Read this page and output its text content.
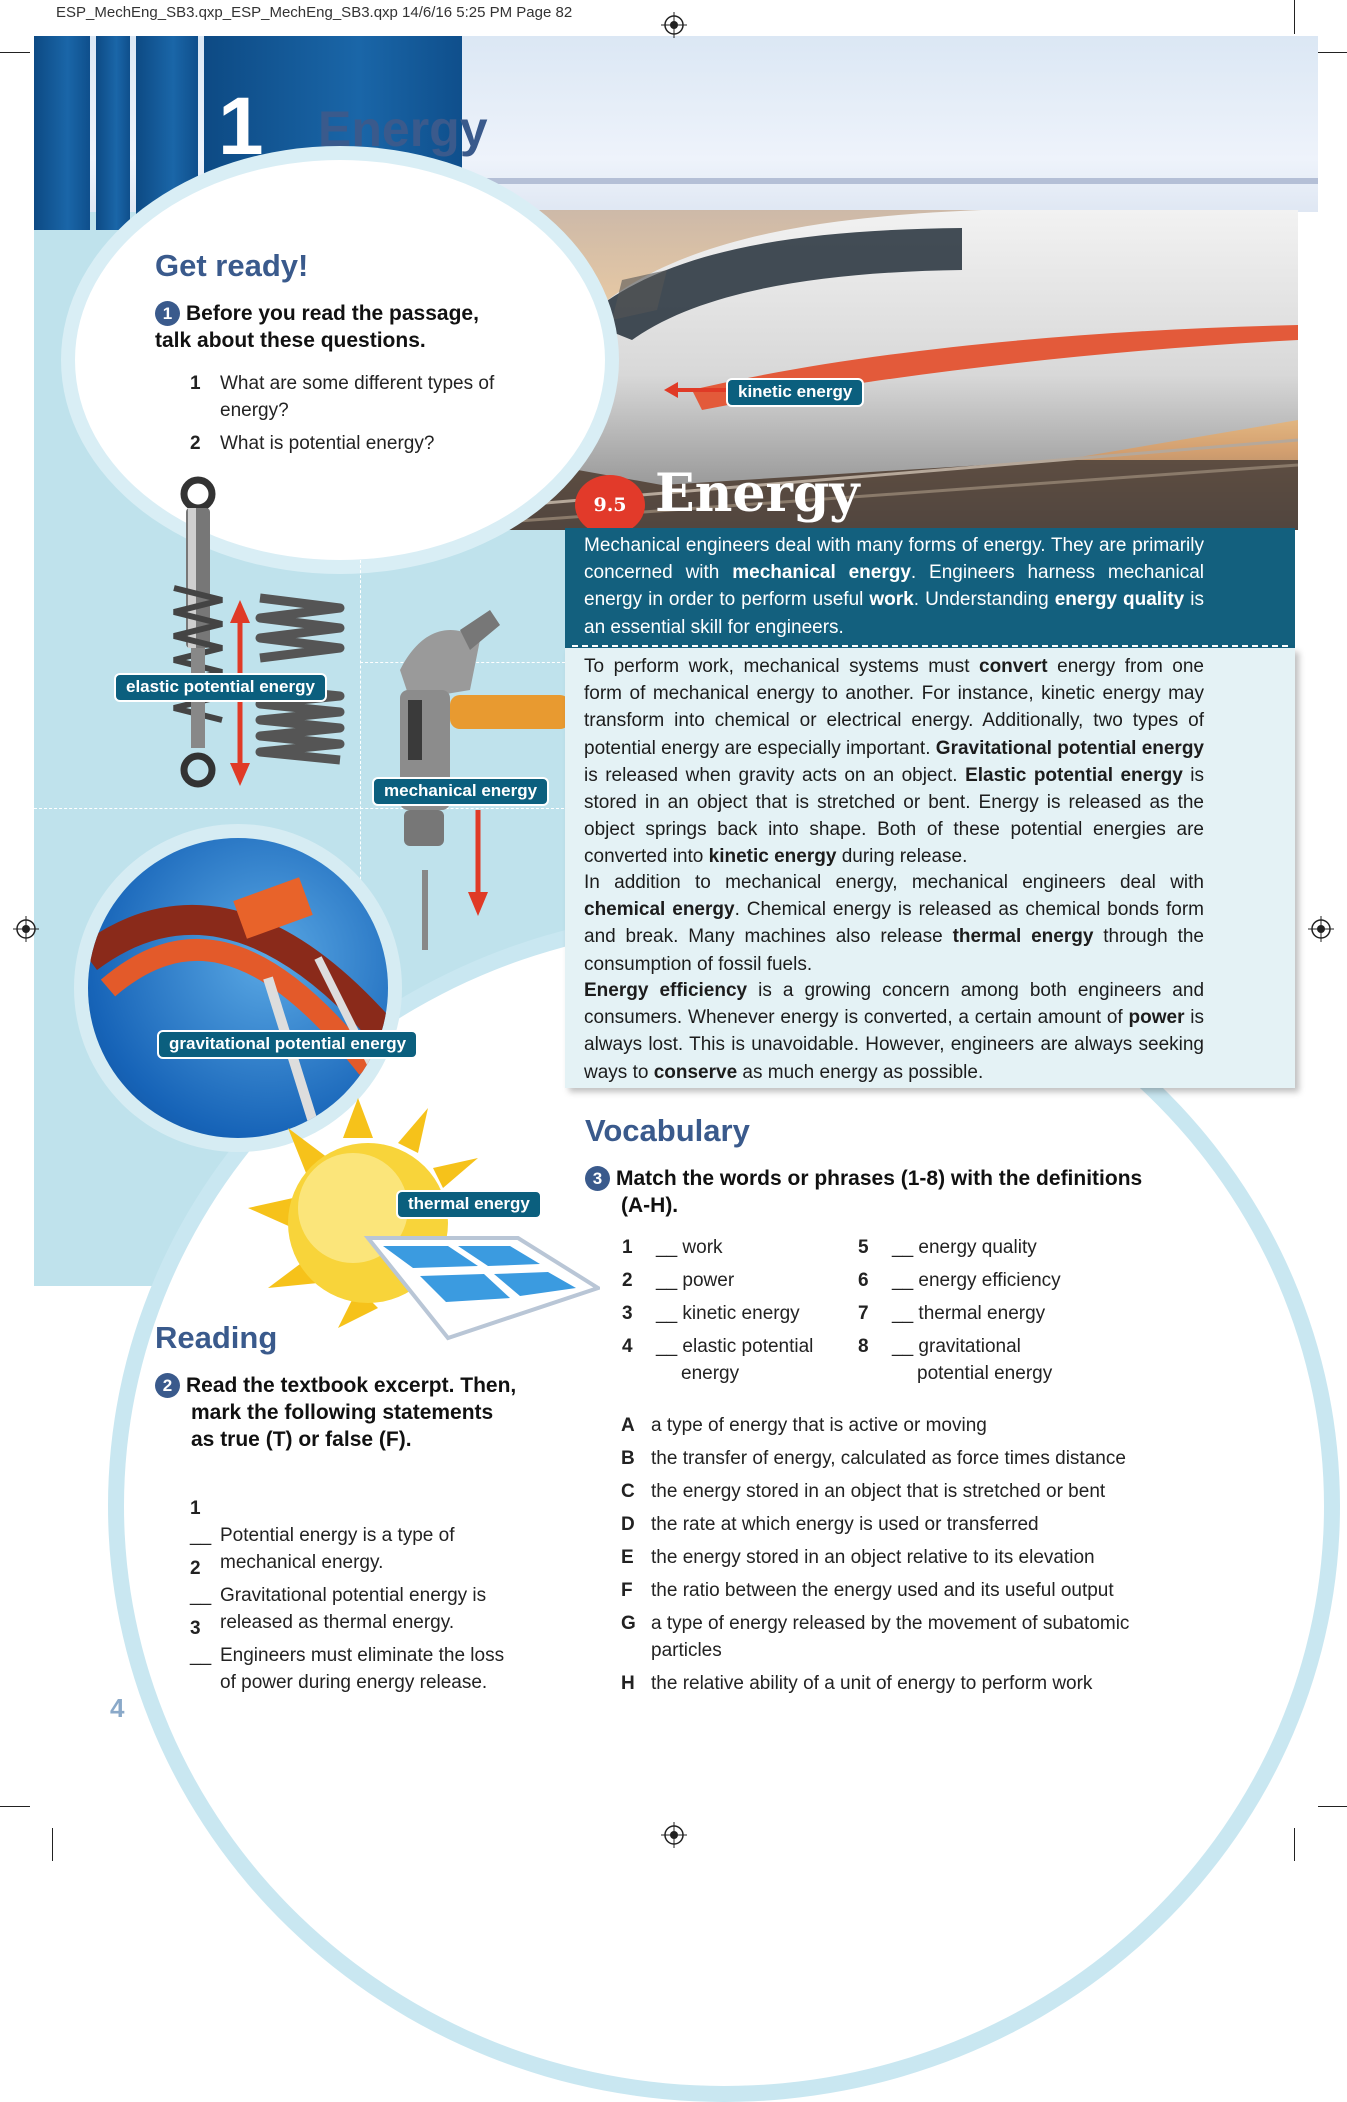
ESP_MechEng_SB3.qxp_ESP_MechEng_SB3.qxp 14/6/16 5:25 PM Page 82
1 Energy
9.5 Energy
kinetic energy
Get ready!
1 Before you read the passage, talk about these questions.
1 What are some different types of energy?
2 What is potential energy?
elastic potential energy
mechanical energy
gravitational potential energy
thermal energy
Mechanical engineers deal with many forms of energy. They are primarily concerned with mechanical energy. Engineers harness mechanical energy in order to perform useful work. Understanding energy quality is an essential skill for engineers.
To perform work, mechanical systems must convert energy from one form of mechanical energy to another. For instance, kinetic energy may transform into chemical or electrical energy. Additionally, two types of potential energy are especially important. Gravitational potential energy is released when gravity acts on an object. Elastic potential energy is stored in an object that is stretched or bent. Energy is released as the object springs back into shape. Both of these potential energies are converted into kinetic energy during release.
In addition to mechanical energy, mechanical engineers deal with chemical energy. Chemical energy is released as chemical bonds form and break. Many machines also release thermal energy through the consumption of fossil fuels.
Energy efficiency is a growing concern among both engineers and consumers. Whenever energy is converted, a certain amount of power is always lost. This is unavoidable. However, engineers are always seeking ways to conserve as much energy as possible.
Vocabulary
3 Match the words or phrases (1-8) with the definitions (A-H).
1 __ work
2 __ power
3 __ kinetic energy
4 __ elastic potential
energy
5 __ energy quality
6 __ energy efficiency
7 __ thermal energy
8 __ gravitational
potential energy
A a type of energy that is active or moving
B the transfer of energy, calculated as force times distance
C the energy stored in an object that is stretched or bent
D the rate at which energy is used or transferred
E the energy stored in an object relative to its elevation
F the ratio between the energy used and its useful output
G a type of energy released by the movement of subatomic particles
H the relative ability of a unit of energy to perform work
Reading
2 Read the textbook excerpt. Then, mark the following statements as true (T) or false (F).
1__ Potential energy is a type of mechanical energy.
2__ Gravitational potential energy is released as thermal energy.
3__ Engineers must eliminate the loss of power during energy release.
4
